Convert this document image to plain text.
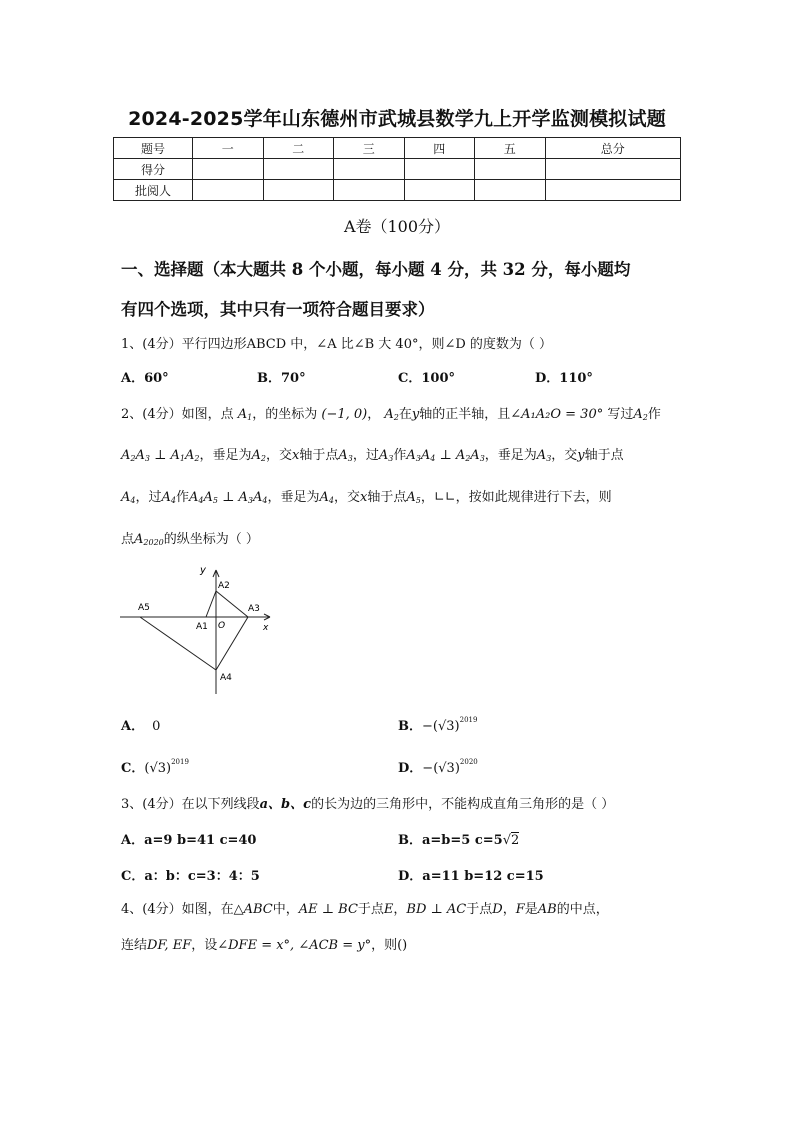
2024-2025学年山东德州市武城县数学九上开学监测模拟试题
题号	一	二	三	四	五	总分
得分						
批阅人						
A卷（100分）
一、选择题（本大题共 8 个小题，每小题 4 分，共 32 分，每小题均
有四个选项，其中只有一项符合题目要求）
1、(4分）平行四边形ABCD 中，∠A 比∠B 大 40°，则∠D 的度数为（ ）
A．60°	B．70°	C．100°	D．110°
2、(4分）如图，点 $A_1$，的坐标为 (−1, 0)， $A_2$在y轴的正半轴，且∠A₁A₂O = 30° 写过$A_2$作
$A_2A_3$ ⊥ $A_1A_2$，垂足为$A_2$，交x轴于点$A_3$，过$A_3$作$A_3A_4$ ⊥ $A_2A_3$，垂足为$A_3$，交y轴于点
$A_4$，过$A_4$作$A_4A_5$ ⊥ $A_3A_4$，垂足为$A_4$，交x轴于点$A_5$，∟∟，按如此规律进行下去，则
点$A_{2020}$的纵坐标为（ ）
y
A2
A5	A3
A1 O	x
A4
A． 0	B．$-(√3)^{2019}$
C．$(√3)^{2019}$	D．$-(√3)^{2020}$
3、(4分）在以下列线段a、b、c的长为边的三角形中，不能构成直角三角形的是（ ）
A．a=9 b=41 c=40	B．a=b=5 c=5√2
C．a：b：c=3：4：5	D．a=11 b=12 c=15
4、(4分）如图，在△ABC中，AE ⊥ BC于点E，BD ⊥ AC于点D，F是AB的中点，
连结DF, EF，设∠DFE = x°, ∠ACB = y°，则()
